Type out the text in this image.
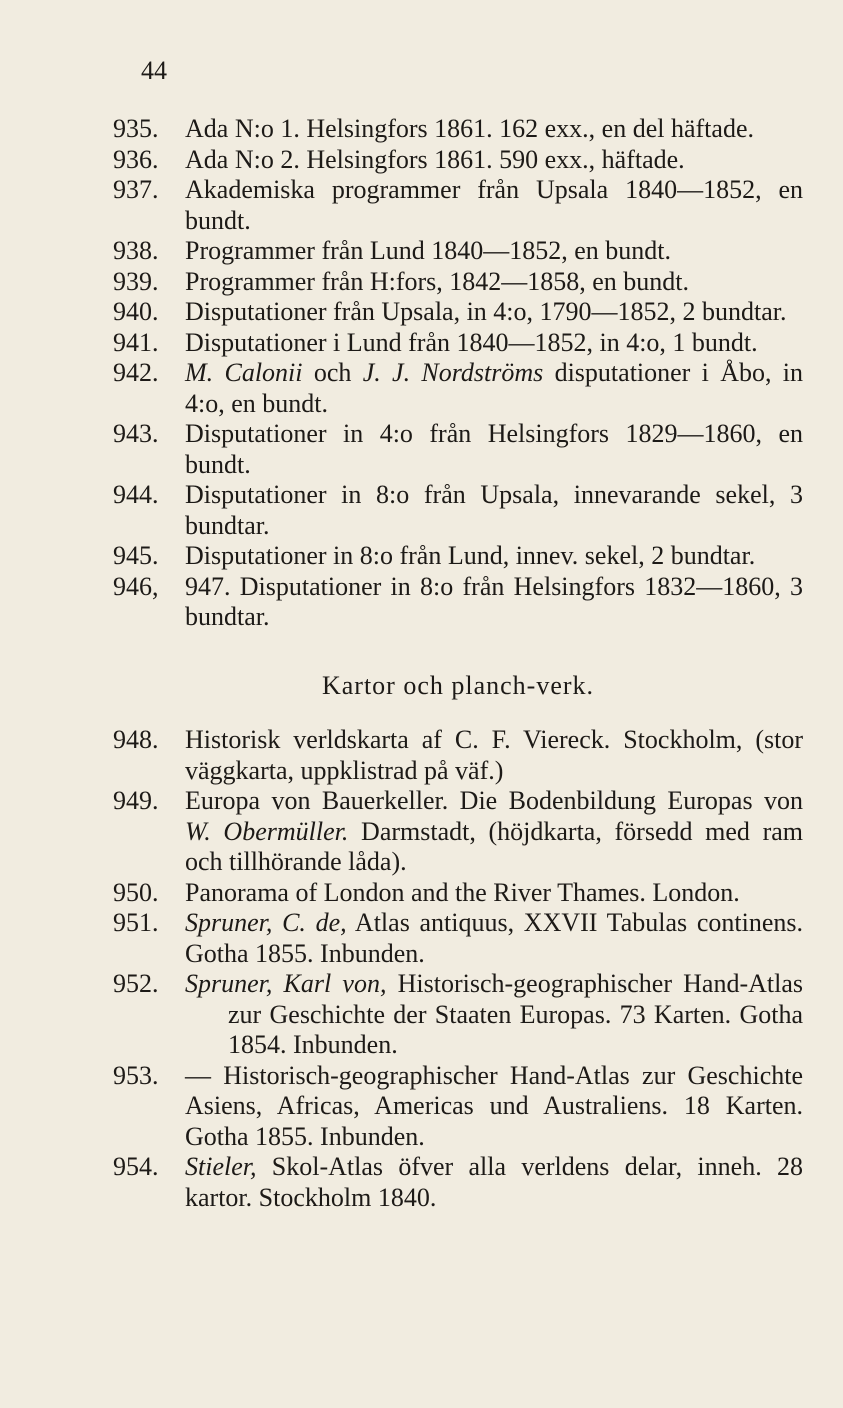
44
935.	Ada N:o 1. Helsingfors 1861. 162 exx., en del häftade.
936.	Ada N:o 2. Helsingfors 1861. 590 exx., häftade.
937.	Akademiska programmer från Upsala 1840—1852, en bundt.
938.	Programmer från Lund 1840—1852, en bundt.
939.	Programmer från H:fors, 1842—1858, en bundt.
940.	Disputationer från Upsala, in 4:o, 1790—1852, 2 bundtar.
941.	Disputationer i Lund från 1840—1852, in 4:o, 1 bundt.
942.	M. Calonii och J. J. Nordströms disputationer i Åbo, in 4:o, en bundt.
943.	Disputationer in 4:o från Helsingfors 1829—1860, en bundt.
944.	Disputationer in 8:o från Upsala, innevarande sekel, 3 bundtar.
945.	Disputationer in 8:o från Lund, innev. sekel, 2 bundtar.
946,	947. Disputationer in 8:o från Helsingfors 1832—1860, 3 bundtar.
Kartor och planch-verk.
948.	Historisk verldskarta af C. F. Viereck. Stockholm, (stor väggkarta, uppklistrad på väf.)
949.	Europa von Bauerkeller. Die Bodenbildung Europas von W. Obermüller. Darmstadt, (höjdkarta, försedd med ram och tillhörande låda).
950.	Panorama of London and the River Thames. London.
951.	Spruner, C. de, Atlas antiquus, XXVII Tabulas continens. Gotha 1855. Inbunden.
952.	Spruner, Karl von, Historisch-geographischer Hand-Atlas zur Geschichte der Staaten Europas. 73 Karten. Gotha 1854. Inbunden.
953.	— Historisch-geographischer Hand-Atlas zur Geschichte Asiens, Africas, Americas und Australiens. 18 Karten. Gotha 1855. Inbunden.
954.	Stieler, Skol-Atlas öfver alla verldens delar, inneh. 28 kartor. Stockholm 1840.
